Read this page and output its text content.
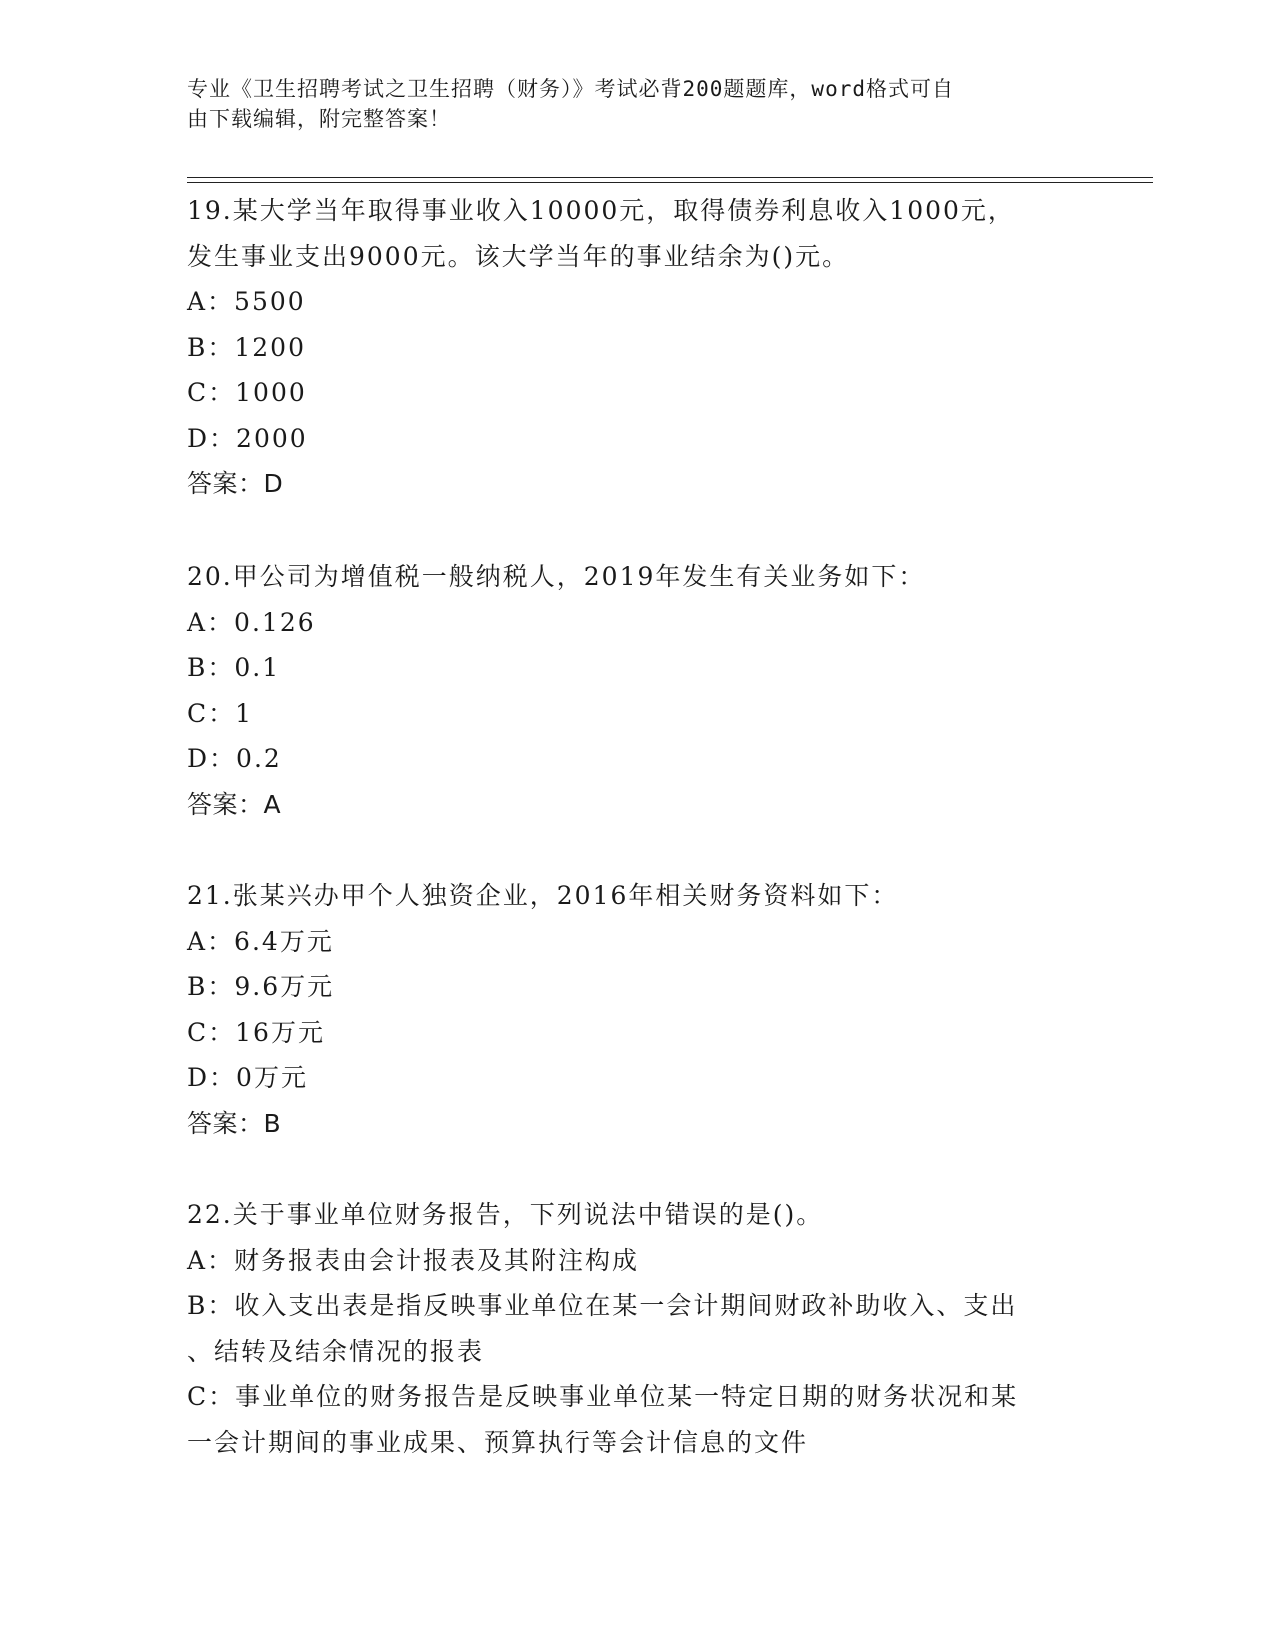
专业《卫生招聘考试之卫生招聘（财务）》考试必背200题题库，word格式可自
由下载编辑，附完整答案！

19.某大学当年取得事业收入10000元，取得债券利息收入1000元，
发生事业支出9000元。该大学当年的事业结余为()元。
A：5500
B：1200
C：1000
D：2000
答案：D
20.甲公司为增值税一般纳税人，2019年发生有关业务如下：
A：0.126
B：0.1
C：1
D：0.2
答案：A
21.张某兴办甲个人独资企业，2016年相关财务资料如下：
A：6.4万元
B：9.6万元
C：16万元
D：0万元
答案：B
22.关于事业单位财务报告，下列说法中错误的是()。
A：财务报表由会计报表及其附注构成
B：收入支出表是指反映事业单位在某一会计期间财政补助收入、支出
、结转及结余情况的报表
C：事业单位的财务报告是反映事业单位某一特定日期的财务状况和某
一会计期间的事业成果、预算执行等会计信息的文件
